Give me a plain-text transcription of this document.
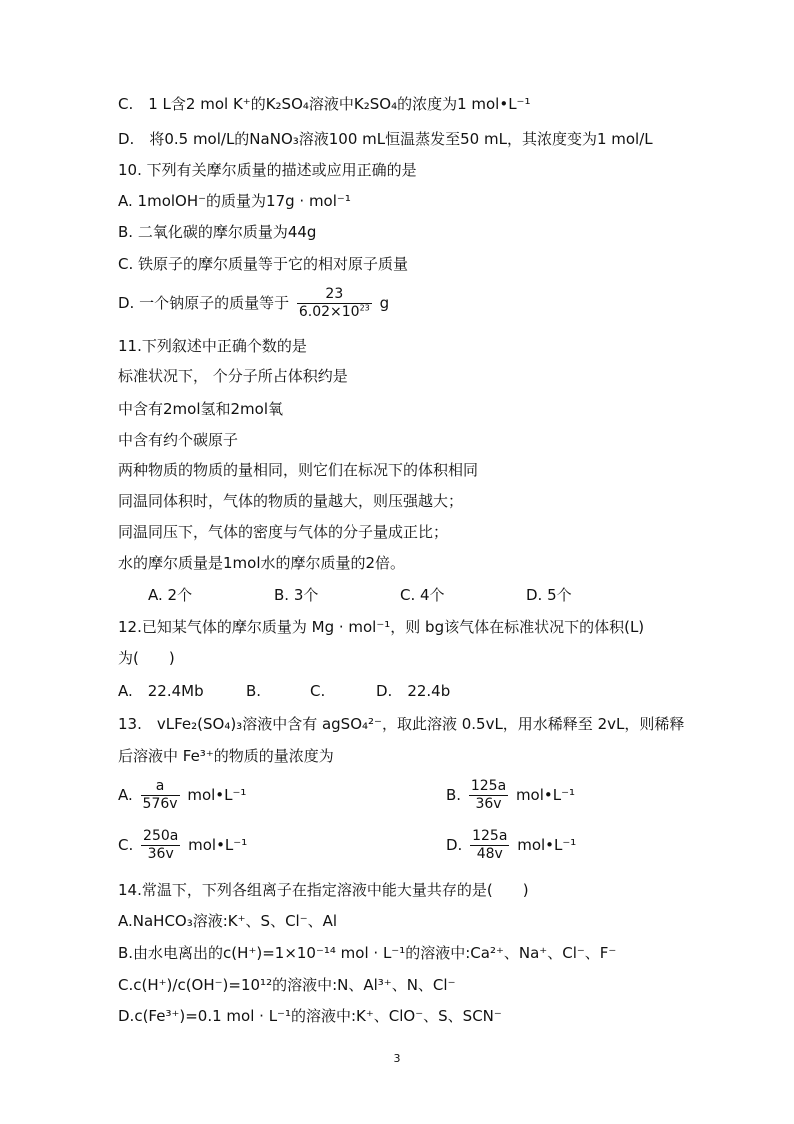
C.　1 L含2 mol K⁺的K₂SO₄溶液中K₂SO₄的浓度为1 mol•L⁻¹
D.　将0.5 mol/L的NaNO₃溶液100 mL恒温蒸发至50 mL，其浓度变为1 mol/L
10. 下列有关摩尔质量的描述或应用正确的是
A. 1molOH⁻的质量为17g · mol⁻¹
B. 二氧化碳的摩尔质量为44g
C. 铁原子的摩尔质量等于它的相对原子质量
D. 一个钠原子的质量等于 $\frac{23}{6.02\times 10^{23}}$ g
11.下列叙述中正确个数的是
标准状况下， 个分子所占体积约是
中含有2mol氢和2mol氧
中含有约个碳原子
两种物质的物质的量相同，则它们在标况下的体积相同
同温同体积时，气体的物质的量越大，则压强越大；
同温同压下，气体的密度与气体的分子量成正比；
水的摩尔质量是1mol水的摩尔质量的2倍。
A. 2个	B. 3个	C. 4个	D. 5个
12.已知某气体的摩尔质量为 Mg · mol⁻¹，则 bg该气体在标准状况下的体积(L)
为(　　)
A.　22.4Mb	B.	C.	D.　22.4b
13.　vLFe₂(SO₄)₃溶液中含有 agSO₄²⁻，取此溶液 0.5vL，用水稀释至 2vL，则稀释
后溶液中 Fe³⁺的物质的量浓度为
A. $\frac{a}{576v}$ mol•L⁻¹	B. $\frac{125a}{36v}$ mol•L⁻¹
C. $\frac{250a}{36v}$ mol•L⁻¹	D. $\frac{125a}{48v}$ mol•L⁻¹
14.常温下，下列各组离子在指定溶液中能大量共存的是(　　)
A.NaHCO₃溶液:K⁺、S、Cl⁻、Al
B.由水电离出的c(H⁺)=1×10⁻¹⁴ mol · L⁻¹的溶液中:Ca²⁺、Na⁺、Cl⁻、F⁻
C.c(H⁺)/c(OH⁻)=10¹²的溶液中:N、Al³⁺、N、Cl⁻
D.c(Fe³⁺)=0.1 mol · L⁻¹的溶液中:K⁺、ClO⁻、S、SCN⁻
3
